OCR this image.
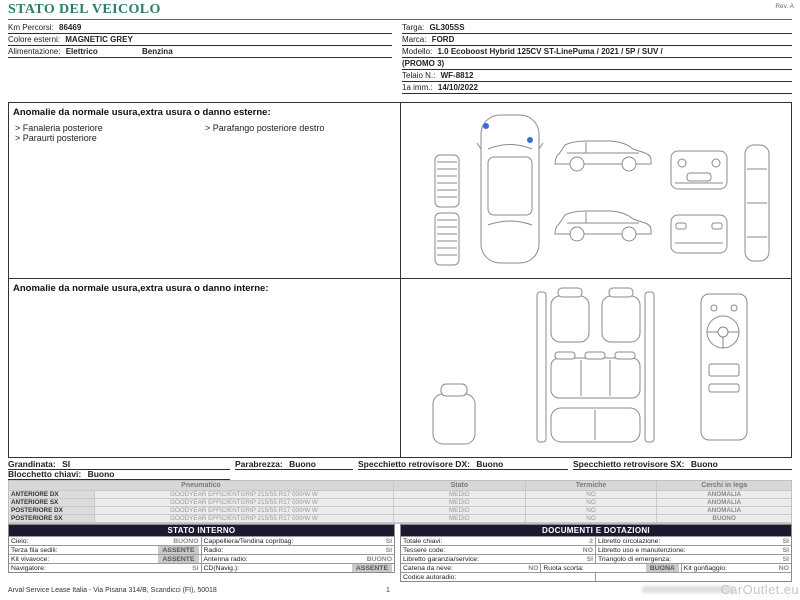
STATO DEL VEICOLO	Rev. A
Km Percorsi: 86469
Colore esterni: MAGNETIC GREY
Alimentazione: Elettrico	Benzina
Targa: GL305SS
Marca: FORD
Modello: 1.0 Ecoboost Hybrid 125CV ST-LinePuma / 2021 / 5P / SUV /
(PROMO 3)
Telaio N.: WF-8812
1a imm.: 14/10/2022
Anomalie da normale usura,extra usura o danno esterne:
> Fanaleria posteriore	> Parafango posteriore destro
> Paraurti posteriore
Anomalie da normale usura,extra usura o danno interne:
Grandinata: SI	Parabrezza: Buono	Specchietto retrovisore DX: Buono	Specchietto retrovisore SX: Buono
Blocchetto chiavi: Buono
Pneumatico	Stato	Termiche	Cerchi in lega
ANTERIORE DX	GOODYEAR EFFICIENTGRIP 215/55 R17 000/W W	MEDIO	NO	ANOMALIA
ANTERIORE SX	GOODYEAR EFFICIENTGRIP 215/55 R17 000/W W	MEDIO	NO	ANOMALIA
POSTERIORE DX	GOODYEAR EFFICIENTGRIP 215/55 R17 000/W W	MEDIO	NO	ANOMALIA
POSTERIORE SX	GOODYEAR EFFICIENTGRIP 215/55 R17 000/W W	MEDIO	NO	BUONO
STATO INTERNO
Cielo:	BUONO Cappelliera/Tendina copribag:	SI
Terza fila sedili:	ASSENTE	Radio:	SI
Kit vivavoce:	ASSENTE	Antenna radio:	BUONO
Navigatore:	SI CD(Navig.):	ASSENTE
DOCUMENTI E DOTAZIONI
Totale chiavi:	2 Libretto circolazione:	SI
Tessere code:	NO Libretto uso e manutenzione:	SI
Libretto garanzia/service:	SI Triangolo di emergenza:	SI
Catena da neve:	NO Ruota scorta:	BUONA	Kit gonfiaggio:	NO
Codice autoradio:
Arval Service Lease Italia - Via Pisana 314/B, Scandicci (FI), 50018	1	CarOutlet.eu
